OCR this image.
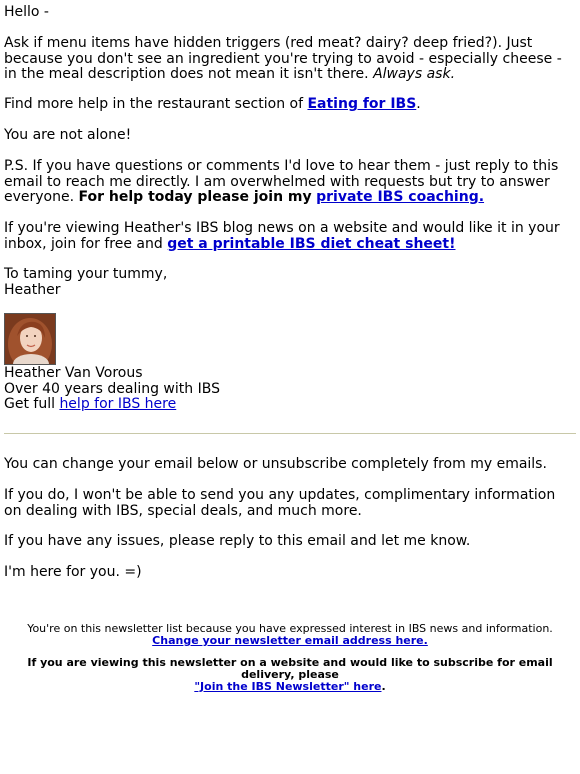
Hello -

Ask if menu items have hidden triggers (red meat? dairy? deep fried?). Just because you don't see an ingredient you're trying to avoid - especially cheese - in the meal description does not mean it isn't there. Always ask.

Find more help in the restaurant section of Eating for IBS.

You are not alone!

P.S. If you have questions or comments I'd love to hear them - just reply to this email to reach me directly. I am overwhelmed with requests but try to answer everyone. For help today please join my private IBS coaching.

If you're viewing Heather's IBS blog news on a website and would like it in your inbox, join for free and get a printable IBS diet cheat sheet!

To taming your tummy,
Heather
Heather Van Vorous
Over 40 years dealing with IBS
Get full help for IBS here

You can change your email below or unsubscribe completely from my emails.

If you do, I won't be able to send you any updates, complimentary information on dealing with IBS, special deals, and much more.

If you have any issues, please reply to this email and let me know.

I'm here for you. =)

You're on this newsletter list because you have expressed interest in IBS news and information.
Change your newsletter email address here.
If you are viewing this newsletter on a website and would like to subscribe for email delivery, please
"Join the IBS Newsletter" here.
